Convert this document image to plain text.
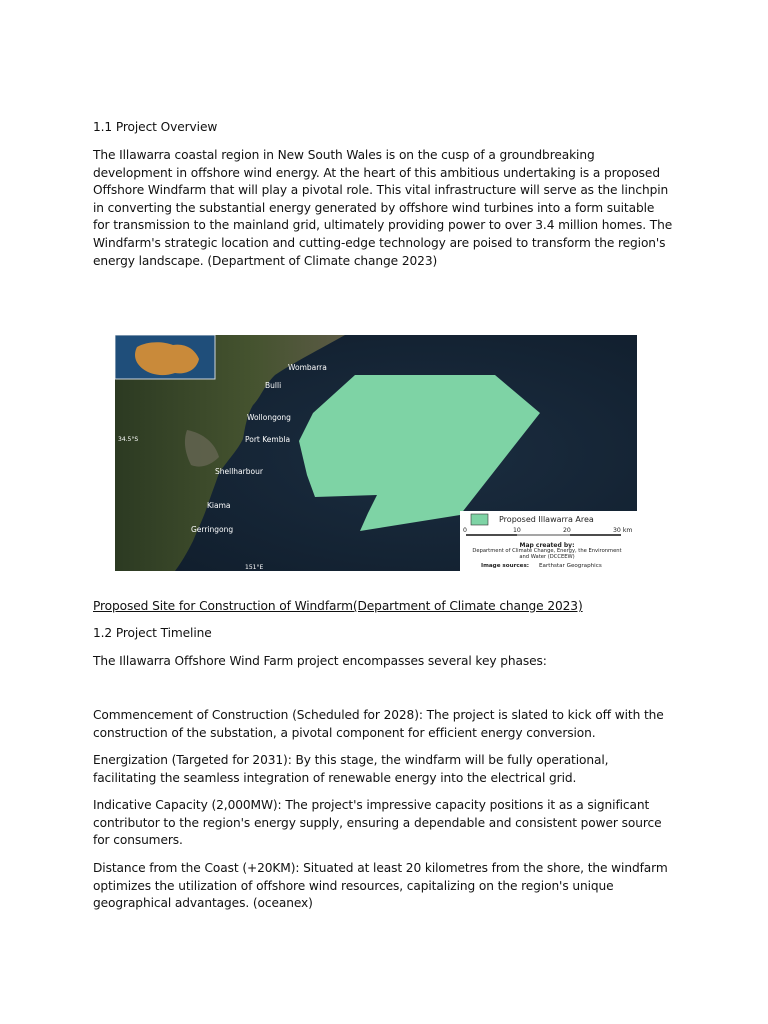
1.1 Project Overview
The Illawarra coastal region in New South Wales is on the cusp of a groundbreaking development in offshore wind energy. At the heart of this ambitious undertaking is a proposed Offshore Windfarm that will play a pivotal role. This vital infrastructure will serve as the linchpin in converting the substantial energy generated by offshore wind turbines into a form suitable for transmission to the mainland grid, ultimately providing power to over 3.4 million homes. The Windfarm's strategic location and cutting-edge technology are poised to transform the region's energy landscape. (Department of Climate change 2023)
Wombarra
Bulli
Wollongong
Port Kembla
Shellharbour
Kiama
Gerringong
34.5°S
151°E
Proposed Illawarra Area
0	10	20	30 km
Map created by:
Department of Climate Change, Energy, the Environment and Water (DCCEEW)
Image sources: Earthstar Geographics
Proposed Site for Construction of Windfarm(Department of Climate change 2023)
1.2 Project Timeline
The Illawarra Offshore Wind Farm project encompasses several key phases:
Commencement of Construction (Scheduled for 2028): The project is slated to kick off with the construction of the substation, a pivotal component for efficient energy conversion.
Energization (Targeted for 2031): By this stage, the windfarm will be fully operational, facilitating the seamless integration of renewable energy into the electrical grid.
Indicative Capacity (2,000MW): The project's impressive capacity positions it as a significant contributor to the region's energy supply, ensuring a dependable and consistent power source for consumers.
Distance from the Coast (+20KM): Situated at least 20 kilometres from the shore, the windfarm optimizes the utilization of offshore wind resources, capitalizing on the region's unique geographical advantages. (oceanex)
